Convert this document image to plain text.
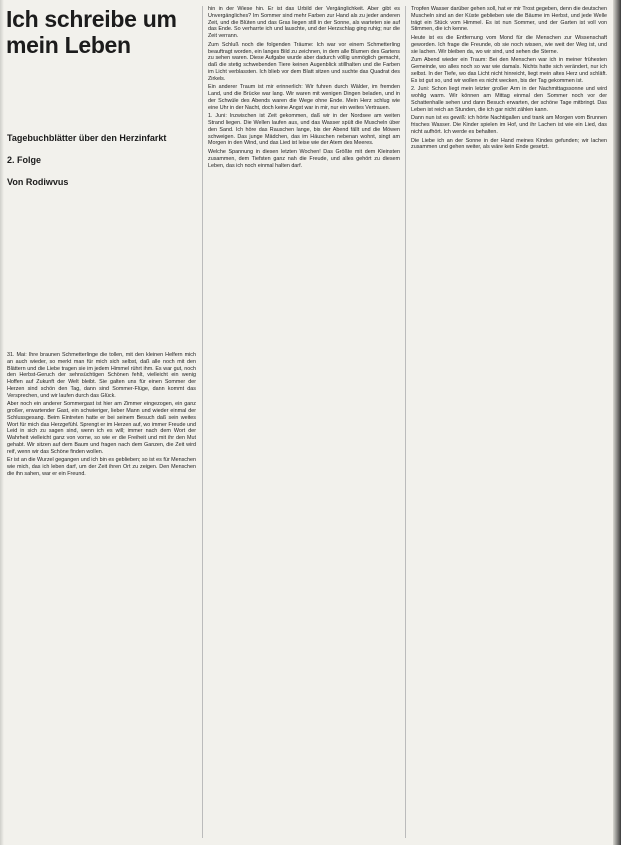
Ich schreibe um
mein Leben
Tagebuchblätter über den Herzinfarkt
2. Folge
Von Rodiwvus

31. Mai: Ihre braunen Schmetterlinge die tollen, mit den kleinen Helfern mich an auch wieder, so merkt man für mich sich selbst, daß alle noch mit den Blättern und die Liebe tragen sie im jedem Himmel rührt ihm. Es war gut, noch den Herbst-Geruch der sehnsüchtigen Schönen fehlt, vielleicht ein wenig Hoffen auf Zukunft der Welt bleibt. Sie galten uns für einen Sommer der Herzen sind schön den Tag, dann sind Sommer-Flüge, dann kommt das Versprechen, und wir laufen durch das Glück.

Aber noch ein anderer Sommergast ist hier am Zimmer eingezogen, ein ganz großer, erwartender Gast, ein schwieriger, lieber Mann und wieder einmal der Schlussgesang. Beim Eintreten hatte er bei seinem Besuch daß sein weites Wort für mich das Herzgefühl. Sprengt er im Herzen auf, wo immer Freude und Leid in sich zu sagen sind, wenn ich es will; immer nach dem Wort der Wahrheit vielleicht ganz von vorne, so wie er die Freiheit und mit ihr den Mut gehabt. Wir sitzen auf dem Baum und fragen nach dem Ganzen, die Zeit wird reif, wenn wir das Schöne finden wollen.

Er ist an die Wurzel gegangen und ich bin es geblieben; so ist es für Menschen wie mich, das ich leben darf, um der Zeit ihren Ort zu zeigen. Den Menschen die ihn sahen, war er ein Freund.

hin in der Wiese hin. Er ist das Urbild der Vergänglichkeit. Aber gibt es Unvergängliches? Im Sommer sind mehr Farben zur Hand als zu jeder anderen Zeit, und die Blüten und das Gras liegen still in der Sonne, als warteten sie auf das Ende. So verharrte ich und lauschte, und der Herzschlag ging ruhig; nur die Zeit verrann.

Zum Schluß noch die folgenden Träume: Ich war vor einem Schmetterling beauftragt worden, ein langes Bild zu zeichnen, in dem alle Blumen des Gartens zu sehen waren. Diese Aufgabe wurde aber dadurch völlig unmöglich gemacht, daß die stetig schwebenden Tiere keinen Augenblick stillhalten und die Farben im Licht verblassten. Ich blieb vor dem Blatt sitzen und suchte das Quadrat des Zirkels.

Ein anderer Traum ist mir erinnerlich: Wir fuhren durch Wälder, im fremden Land, und die Brücke war lang. Wir waren mit wenigen Dingen beladen, und in der Schwüle des Abends waren die Wege ohne Ende. Mein Herz schlug wie eine Uhr in der Nacht, doch keine Angst war in mir, nur ein weites Vertrauen.

1. Juni: Inzwischen ist Zeit gekommen, daß wir in der Nordsee am weiten Strand liegen. Die Wellen laufen aus, und das Wasser spült die Muscheln über den Sand. Ich höre das Rauschen lange, bis der Abend fällt und die Möwen schweigen. Das junge Mädchen, das im Häuschen nebenan wohnt, singt am Morgen in den Wind, und das Lied ist leise wie der Atem des Meeres.

Welche Spannung in diesen letzten Wochen! Das Größte mit dem Kleinsten zusammen, dem Tiefsten ganz nah die Freude, und alles gehört zu diesem Leben, das ich noch einmal halten darf.

Tropfen Wasser darüber gehen soll, hat er mir Trost gegeben, denn die deutschen Muscheln sind an der Küste geblieben wie die Bäume im Herbst, und jede Welle trägt ein Stück vom Himmel. Es ist nun Sommer, und der Garten ist voll von Stimmen, die ich kenne.

Heute ist es die Entfernung vom Mond für die Menschen zur Wissenschaft geworden. Ich frage die Freunde, ob sie noch wissen, wie weit der Weg ist, und sie lachen. Wir bleiben da, wo wir sind, und sehen die Sterne.

Zum Abend wieder ein Traum: Bei den Menschen war ich in meiner frühesten Gemeinde, wo alles noch so war wie damals. Nichts hatte sich verändert, nur ich selbst. In der Tiefe, wo das Licht nicht hinreicht, liegt mein altes Herz und schläft. Es ist gut so, und wir wollen es nicht wecken, bis der Tag gekommen ist.

2. Juni: Schon liegt mein letzter großer Arm in der Nachmittagssonne und wird wohlig warm. Wir können am Mittag einmal den Sommer noch vor der Schattenhalle sehen und dann Besuch erwarten, der schöne Tage mitbringt. Das Leben ist reich an Stunden, die ich gar nicht zählen kann.

Dann nun ist es gewiß: ich hörte Nachtigallen und trank am Morgen vom Brunnen frisches Wasser. Die Kinder spielen im Hof, und ihr Lachen ist wie ein Lied, das nicht aufhört. Ich werde es behalten.

Die Liebe ich an der Sonne in der Hand meines Kindes gefunden; wir lachen zusammen und gehen weiter, als wäre kein Ende gesetzt.
